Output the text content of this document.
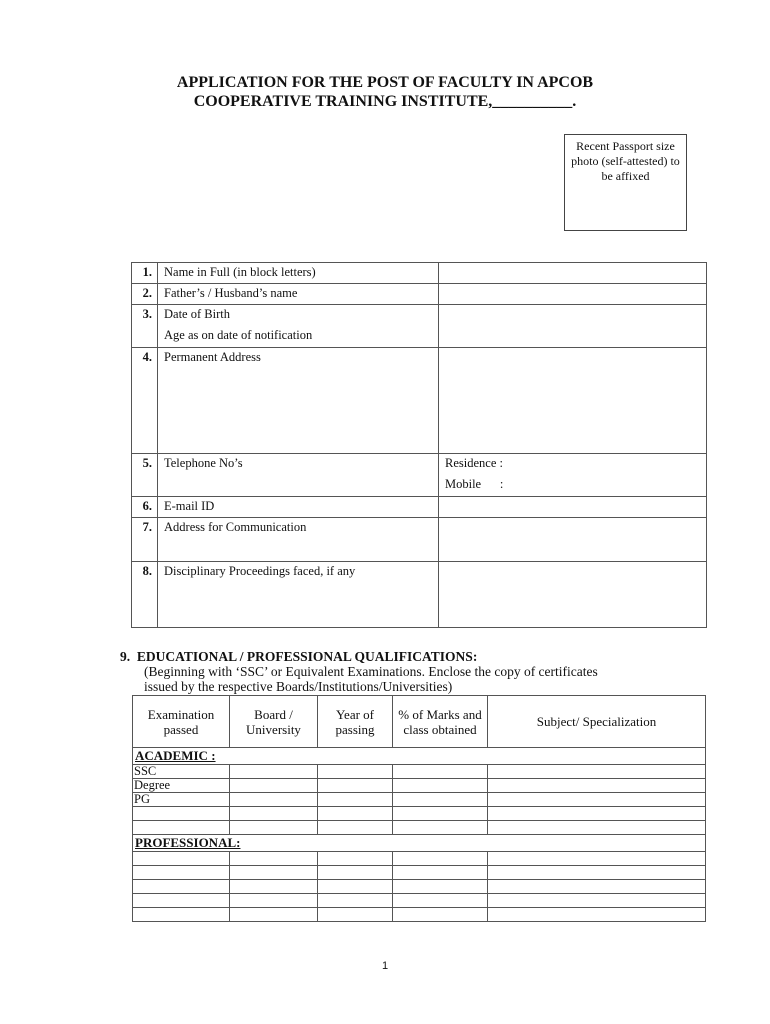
APPLICATION FOR THE POST OF FACULTY IN APCOB
COOPERATIVE TRAINING INSTITUTE,__________.
Recent Passport size photo (self-attested) to be affixed
1.	Name in Full (in block letters)	
2.	Father’s / Husband’s name	
3.	Date of Birth
Age as on date of notification	

4.	Permanent Address	
5.	Telephone No’s	Residence :
Mobile      :

6.	E-mail ID	
7.	Address for Communication	
8.	Disciplinary Proceedings faced, if any	
9.  EDUCATIONAL / PROFESSIONAL QUALIFICATIONS:
(Beginning with ‘SSC’ or Equivalent Examinations. Enclose the copy of certificates
issued by the respective Boards/Institutions/Universities)
Examination passed	Board / University	Year of passing	% of Marks and class obtained	Subject/ Specialization
ACADEMIC :				
SSC				
Degree				
PG				

PROFESSIONAL:				

1
